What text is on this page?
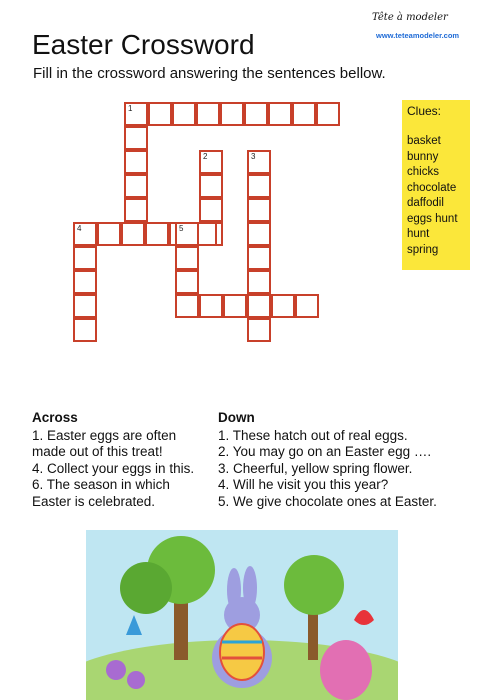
Tête à modeler
www.teteamodeler.com
Easter Crossword
Fill in the crossword answering the sentences bellow.
1
2	3
4	5
Clues:
basket
bunny
chicks
chocolate
daffodil
eggs hunt
hunt
spring
Across
1. Easter eggs are often
made out of this treat!
4. Collect your eggs in this.
6. The season in which
Easter is celebrated.
Down
1. These hatch out of real eggs.
2. You may go on an Easter egg ….
3. Cheerful, yellow spring flower.
4. Will he visit you this year?
5. We give chocolate ones at Easter.
